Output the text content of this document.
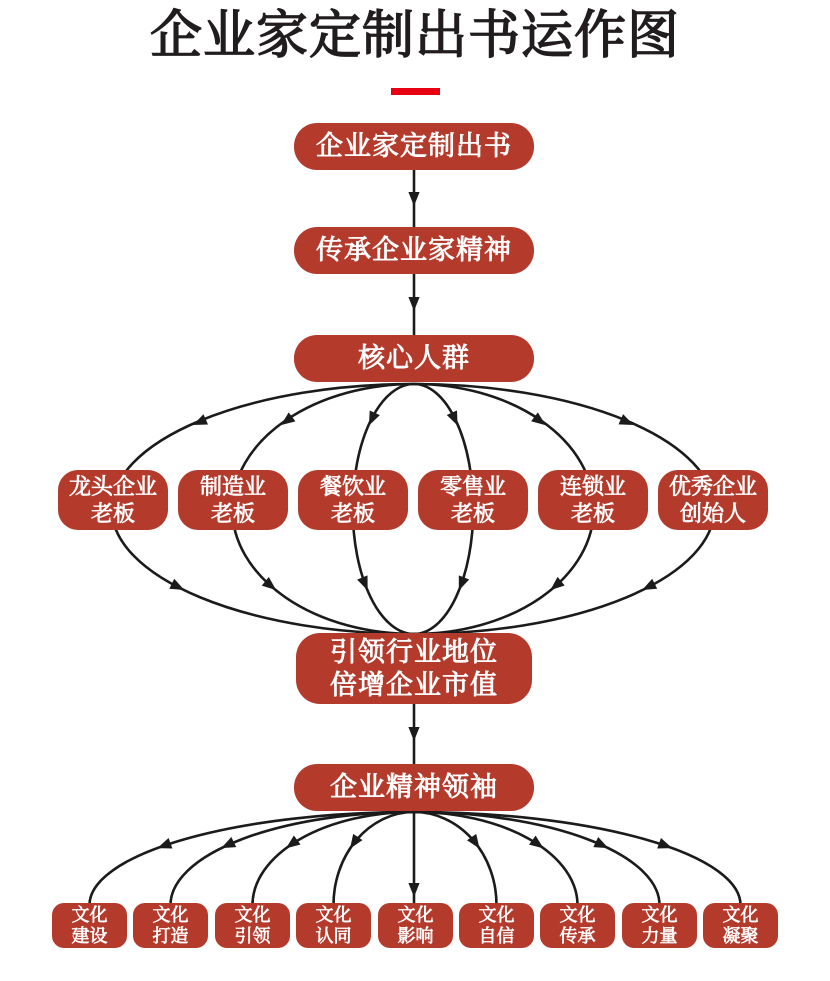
企业家定制出书运作图
企业家定制出书
传承企业家精神
核心人群
龙头企业
老板
制造业
老板
餐饮业
老板
零售业
老板
连锁业
老板
优秀企业
创始人
引领行业地位
倍增企业市值
企业精神领袖
文化
建设
文化
打造
文化
引领
文化
认同
文化
影响
文化
自信
文化
传承
文化
力量
文化
凝聚
